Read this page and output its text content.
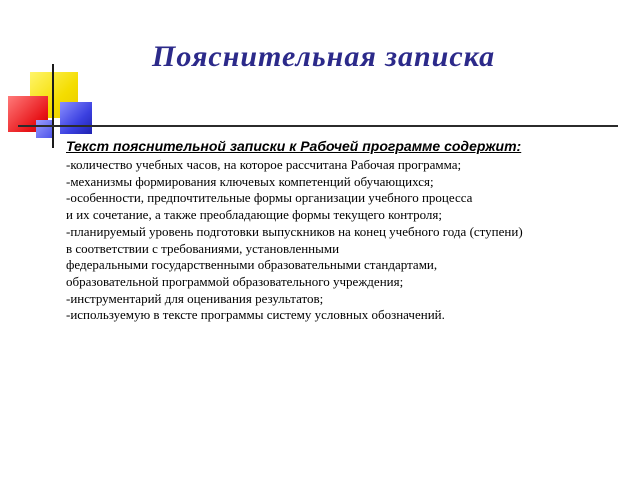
Пояснительная записка
Текст пояснительной записки к Рабочей программе содержит:
-количество учебных часов, на которое рассчитана Рабочая программа;
-механизмы формирования ключевых компетенций обучающихся;
-особенности, предпочтительные формы организации учебного процесса
и их сочетание, а также преобладающие формы текущего контроля;
-планируемый уровень подготовки выпускников на конец учебного года (ступени)
в соответствии с требованиями, установленными
федеральными государственными образовательными стандартами,
образовательной программой образовательного учреждения;
-инструментарий для оценивания результатов;
-используемую в тексте программы систему условных обозначений.
